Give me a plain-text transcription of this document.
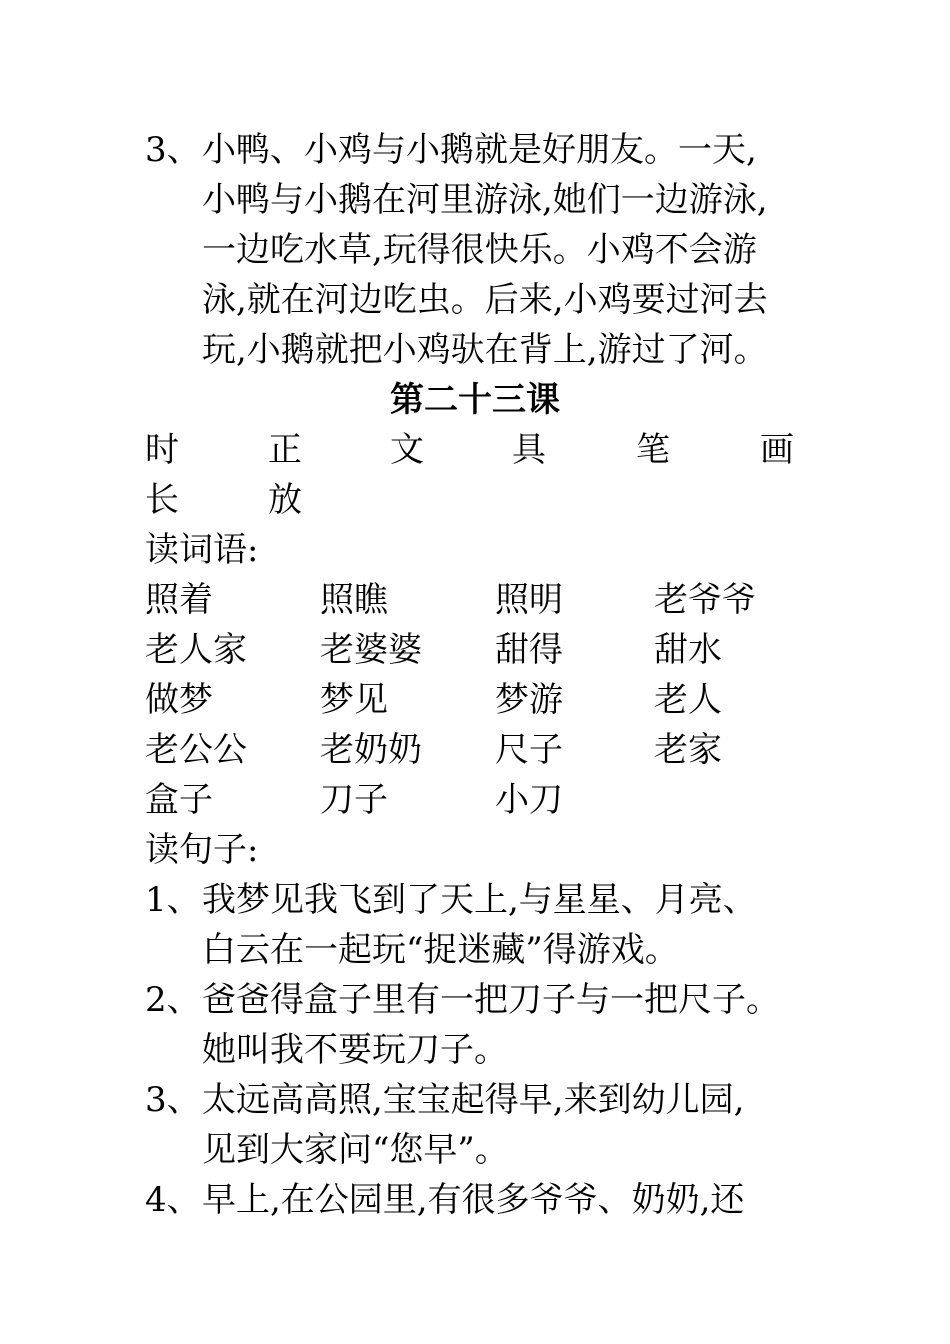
3、 小鸭、小鸡与小鹅就是好朋友。一天,
小鸭与小鹅在河里游泳,她们一边游泳,
一边吃水草,玩得很快乐。小鸡不会游
泳,就在河边吃虫。后来,小鸡要过河去
玩,小鹅就把小鸡驮在背上,游过了河。
第二十三课
时	正	文	具	笔	画
长	放
读词语:
照着	照瞧	照明	老爷爷
老人家 老婆婆 甜得	甜水
做梦	梦见	梦游	老人
老公公 老奶奶 尺子	老家
盒子	刀子	小刀
读句子:
1、 我梦见我飞到了天上,与星星、月亮、
白云在一起玩“捉迷藏”得游戏。
2、 爸爸得盒子里有一把刀子与一把尺子。
她叫我不要玩刀子。
3、 太远高高照,宝宝起得早,来到幼儿园,
见到大家问“您早”。
4、 早上,在公园里,有很多爷爷、奶奶,还
